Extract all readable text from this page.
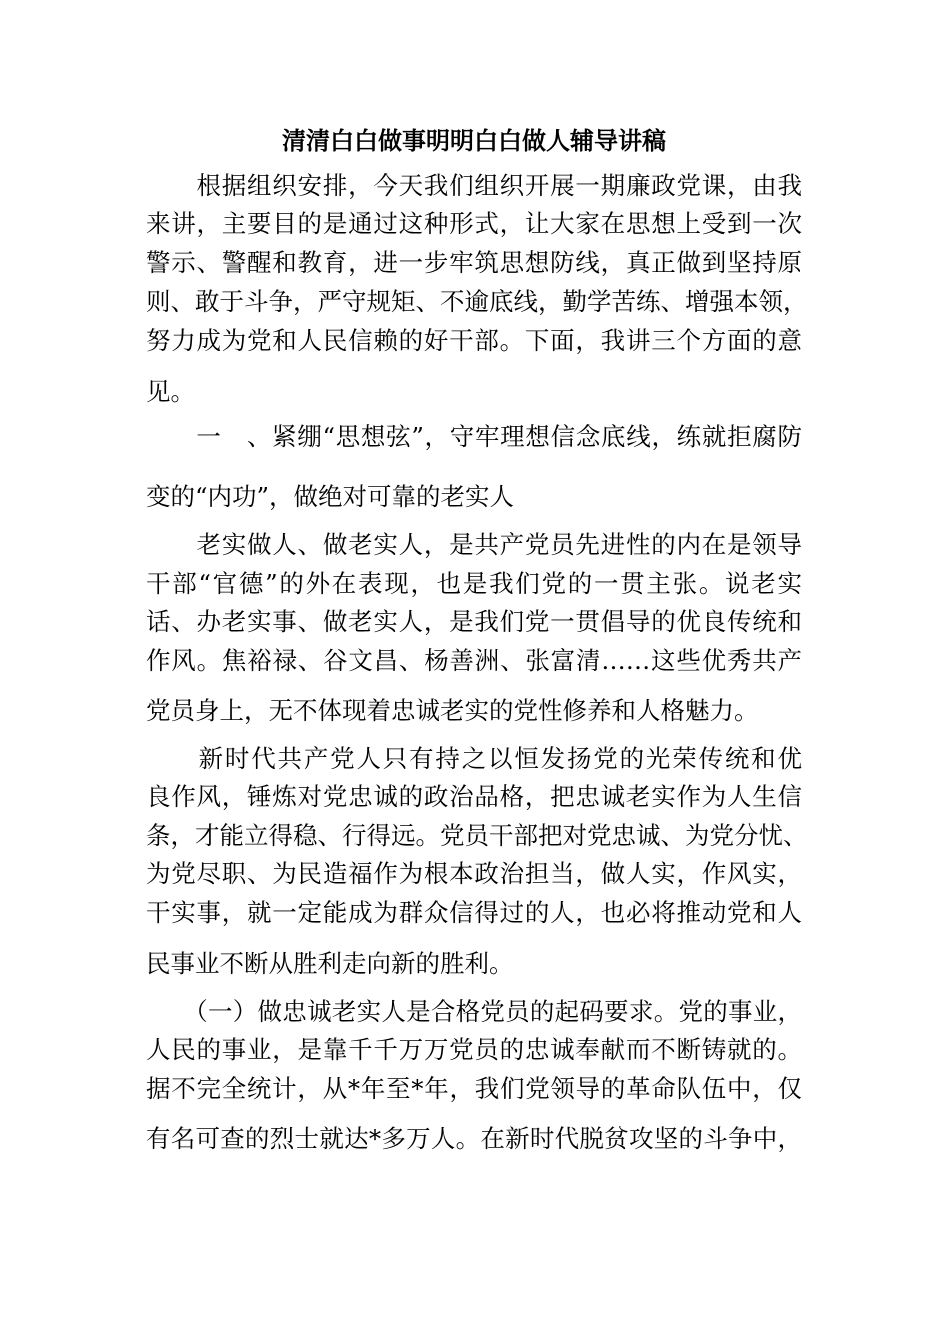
清清白白做事明明白白做人辅导讲稿

　　根据组织安排，今天我们组织开展一期廉政党课，由我

来讲，主要目的是通过这种形式，让大家在思想上受到一次

警示、警醒和教育，进一步牢筑思想防线，真正做到坚持原

则、敢于斗争，严守规矩、不逾底线，勤学苦练、增强本领，

努力成为党和人民信赖的好干部。下面，我讲三个方面的意

见。

　　一　、紧绷“思想弦”，守牢理想信念底线，练就拒腐防

变的“内功”，做绝对可靠的老实人

　　老实做人、做老实人，是共产党员先进性的内在是领导

干部“官德”的外在表现，也是我们党的一贯主张。说老实

话、办老实事、做老实人，是我们党一贯倡导的优良传统和

作风。焦裕禄、谷文昌、杨善洲、张富清……这些优秀共产

党员身上，无不体现着忠诚老实的党性修养和人格魅力。

　　新时代共产党人只有持之以恒发扬党的光荣传统和优

良作风，锤炼对党忠诚的政治品格，把忠诚老实作为人生信

条，才能立得稳、行得远。党员干部把对党忠诚、为党分忧、

为党尽职、为民造福作为根本政治担当，做人实，作风实，

干实事，就一定能成为群众信得过的人，也必将推动党和人

民事业不断从胜利走向新的胜利。

　　（一）做忠诚老实人是合格党员的起码要求。党的事业，

人民的事业，是靠千千万万党员的忠诚奉献而不断铸就的。

据不完全统计，从*年至*年，我们党领导的革命队伍中，仅

有名可查的烈士就达*多万人。在新时代脱贫攻坚的斗争中，
